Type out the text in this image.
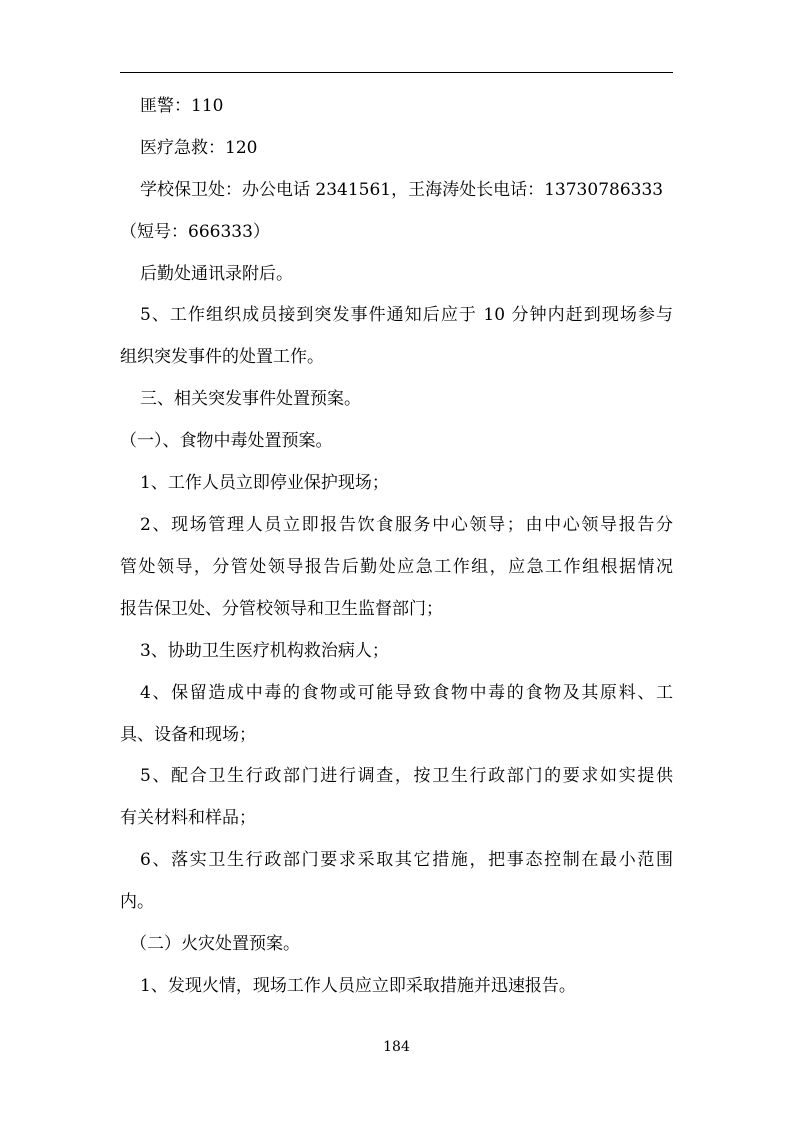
匪警：110
医疗急救：120
学校保卫处：办公电话 2341561，王海涛处长电话：13730786333
（短号：666333）
后勤处通讯录附后。
5、工作组织成员接到突发事件通知后应于 10 分钟内赶到现场参与
组织突发事件的处置工作。
三、相关突发事件处置预案。
（一）、食物中毒处置预案。
1、工作人员立即停业保护现场；
2、现场管理人员立即报告饮食服务中心领导；由中心领导报告分
管处领导，分管处领导报告后勤处应急工作组，应急工作组根据情况
报告保卫处、分管校领导和卫生监督部门；
3、协助卫生医疗机构救治病人；
4、保留造成中毒的食物或可能导致食物中毒的食物及其原料、工
具、设备和现场；
5、配合卫生行政部门进行调查，按卫生行政部门的要求如实提供
有关材料和样品；
6、落实卫生行政部门要求采取其它措施，把事态控制在最小范围
内。
（二）火灾处置预案。
1、发现火情，现场工作人员应立即采取措施并迅速报告。
184
